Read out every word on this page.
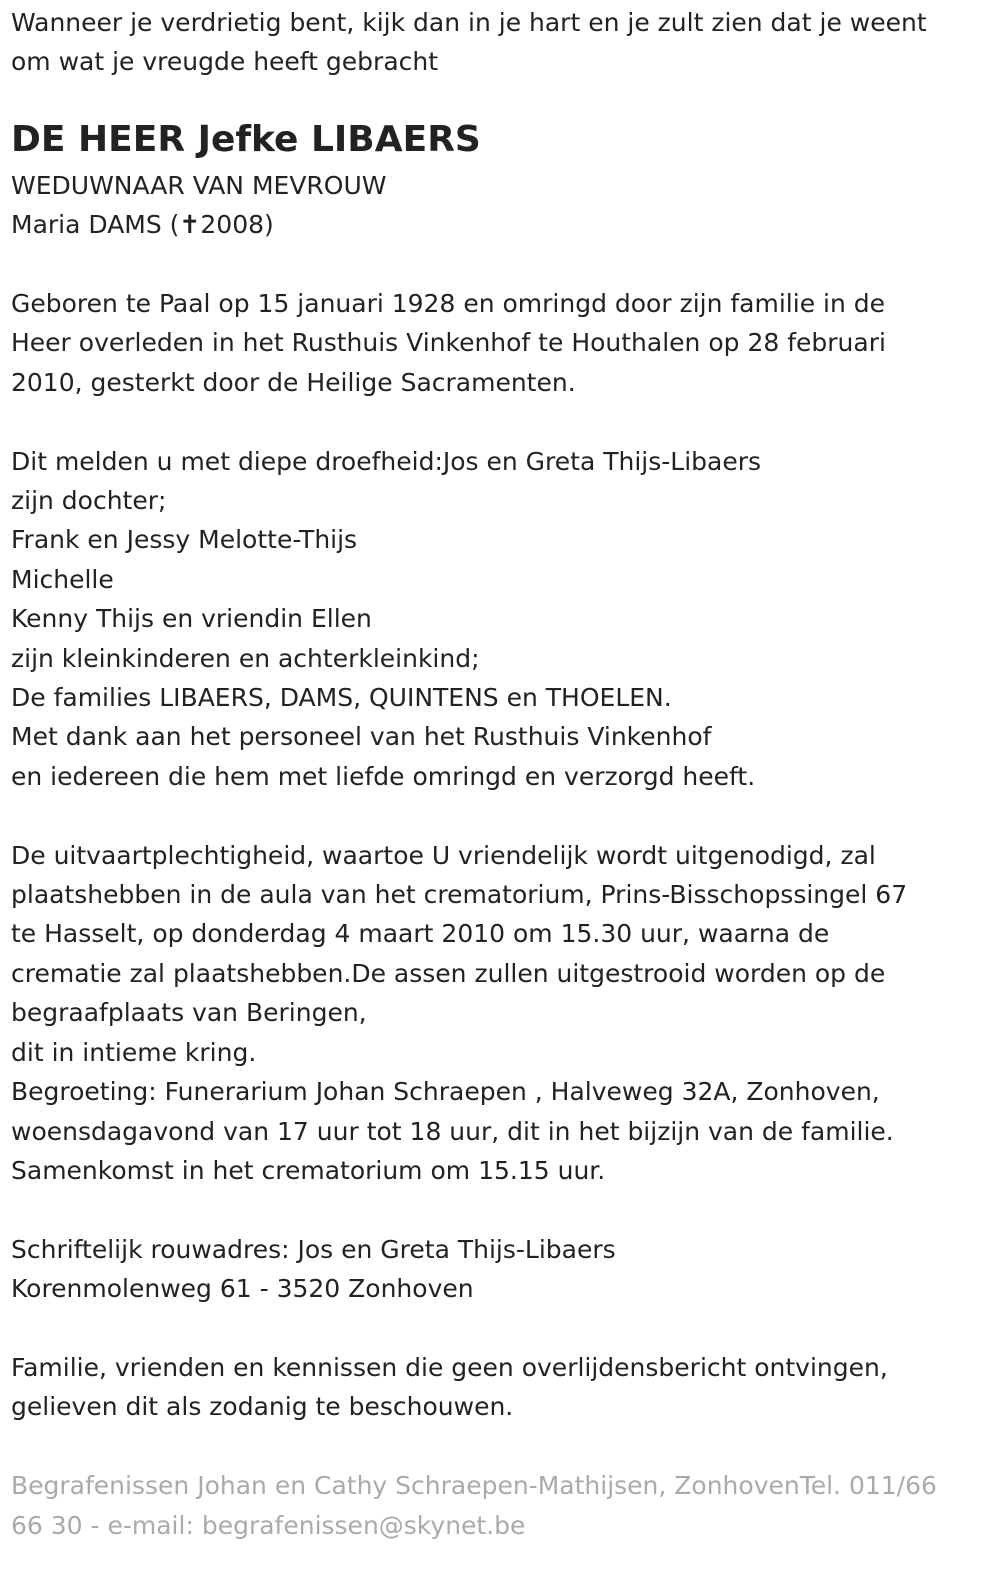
Wanneer je verdrietig bent, kijk dan in je hart en je zult zien dat je weent

om wat je vreugde heeft gebracht

DE HEER Jefke LIBAERS

WEDUWNAAR VAN MEVROUW

Maria DAMS (✝2008)

Geboren te Paal op 15 januari 1928 en omringd door zijn familie in de

Heer overleden in het Rusthuis Vinkenhof te Houthalen op 28 februari

2010, gesterkt door de Heilige Sacramenten.

Dit melden u met diepe droefheid:Jos en Greta Thijs-Libaers

zijn dochter;

Frank en Jessy Melotte-Thijs

Michelle

Kenny Thijs en vriendin Ellen

zijn kleinkinderen en achterkleinkind;

De families LIBAERS, DAMS, QUINTENS en THOELEN.

Met dank aan het personeel van het Rusthuis Vinkenhof

en iedereen die hem met liefde omringd en verzorgd heeft.

De uitvaartplechtigheid, waartoe U vriendelijk wordt uitgenodigd, zal

plaatshebben in de aula van het crematorium, Prins-Bisschopssingel 67

te Hasselt, op donderdag 4 maart 2010 om 15.30 uur, waarna de

crematie zal plaatshebben.De assen zullen uitgestrooid worden op de

begraafplaats van Beringen,

dit in intieme kring.

Begroeting: Funerarium Johan Schraepen , Halveweg 32A, Zonhoven,

woensdagavond van 17 uur tot 18 uur, dit in het bijzijn van de familie.

Samenkomst in het crematorium om 15.15 uur.

Schriftelijk rouwadres: Jos en Greta Thijs-Libaers

Korenmolenweg 61 - 3520 Zonhoven

Familie, vrienden en kennissen die geen overlijdensbericht ontvingen,

gelieven dit als zodanig te beschouwen.

Begrafenissen Johan en Cathy Schraepen-Mathijsen, ZonhovenTel. 011/66

66 30 - e-mail: begrafenissen@skynet.be
